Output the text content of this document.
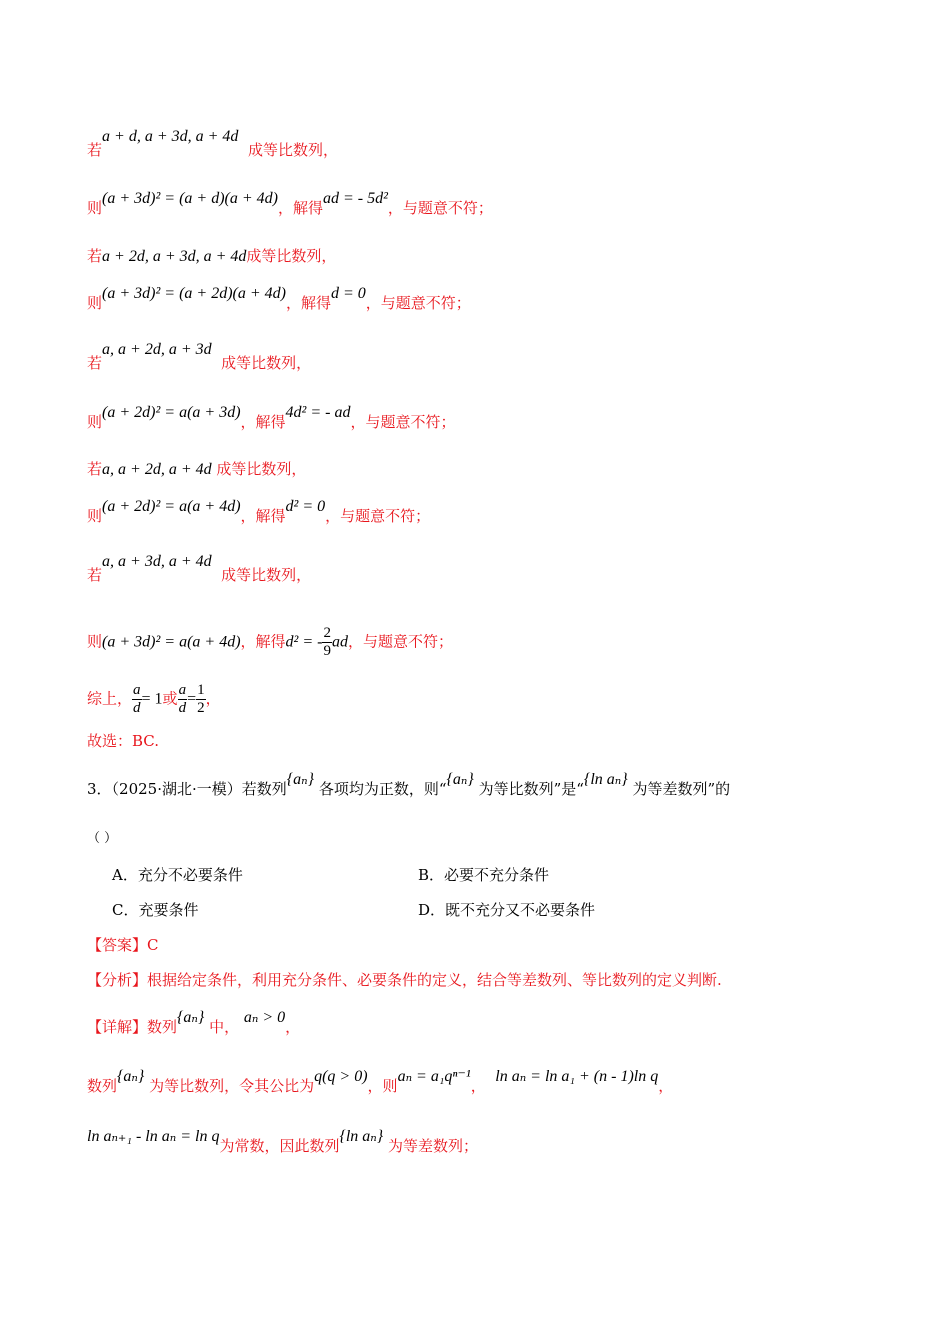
若a + d, a + 3d, a + 4d  成等比数列，
则(a + 3d)² = (a + d)(a + 4d)，解得ad = - 5d²，与题意不符；
若a + 2d, a + 3d, a + 4d成等比数列，
则(a + 3d)² = (a + 2d)(a + 4d)，解得d = 0，与题意不符；
若a, a + 2d, a + 3d  成等比数列，
则(a + 2d)² = a(a + 3d)，解得4d² = - ad，与题意不符；
若a, a + 2d, a + 4d 成等比数列，
则(a + 2d)² = a(a + 4d)，解得d² = 0，与题意不符；
若a, a + 3d, a + 4d  成等比数列，
则(a + 3d)² = a(a + 4d)，解得d² = - $\frac{2}{9}$ ad，与题意不符；
综上， $\frac{a}{d} = 1$或 $\frac{a}{d} = \frac{1}{2}$ ，
故选：BC.
3．（2025·湖北·一模）若数列{aₙ} 各项均为正数，则“{aₙ} 为等比数列”是“{ln aₙ} 为等差数列”的
（ ）
A．充分不必要条件	B．必要不充分条件
C．充要条件	D．既不充分又不必要条件
【答案】C
【分析】根据给定条件，利用充分条件、必要条件的定义，结合等差数列、等比数列的定义判断.
【详解】数列{aₙ} 中， aₙ > 0，
数列{aₙ} 为等比数列，令其公比为q(q > 0)，则aₙ = a₁qⁿ⁻¹，  ln aₙ = ln a₁ + (n - 1)ln q，
ln aₙ₊₁ - ln aₙ = ln q为常数，因此数列{ln aₙ} 为等差数列；
